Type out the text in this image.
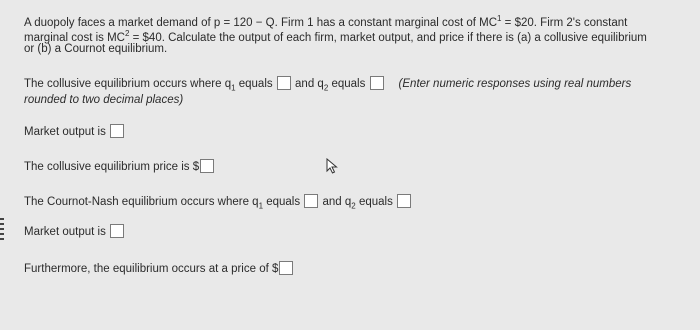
A duopoly faces a market demand of p = 120 − Q. Firm 1 has a constant marginal cost of $MC^1$ = $20. Firm 2's constant
marginal cost is $MC^2$ = $40. Calculate the output of each firm, market output, and price if there is (a) a collusive equilibrium
or (b) a Cournot equilibrium.
The collusive equilibrium occurs where $q_1$ equals  and $q_2$ equals	(Enter numeric responses using real numbers
rounded to two decimal places)
Market output is
The collusive equilibrium price is $
The Cournot-Nash equilibrium occurs where $q_1$ equals  and $q_2$ equals
Market output is
Furthermore, the equilibrium occurs at a price of $
